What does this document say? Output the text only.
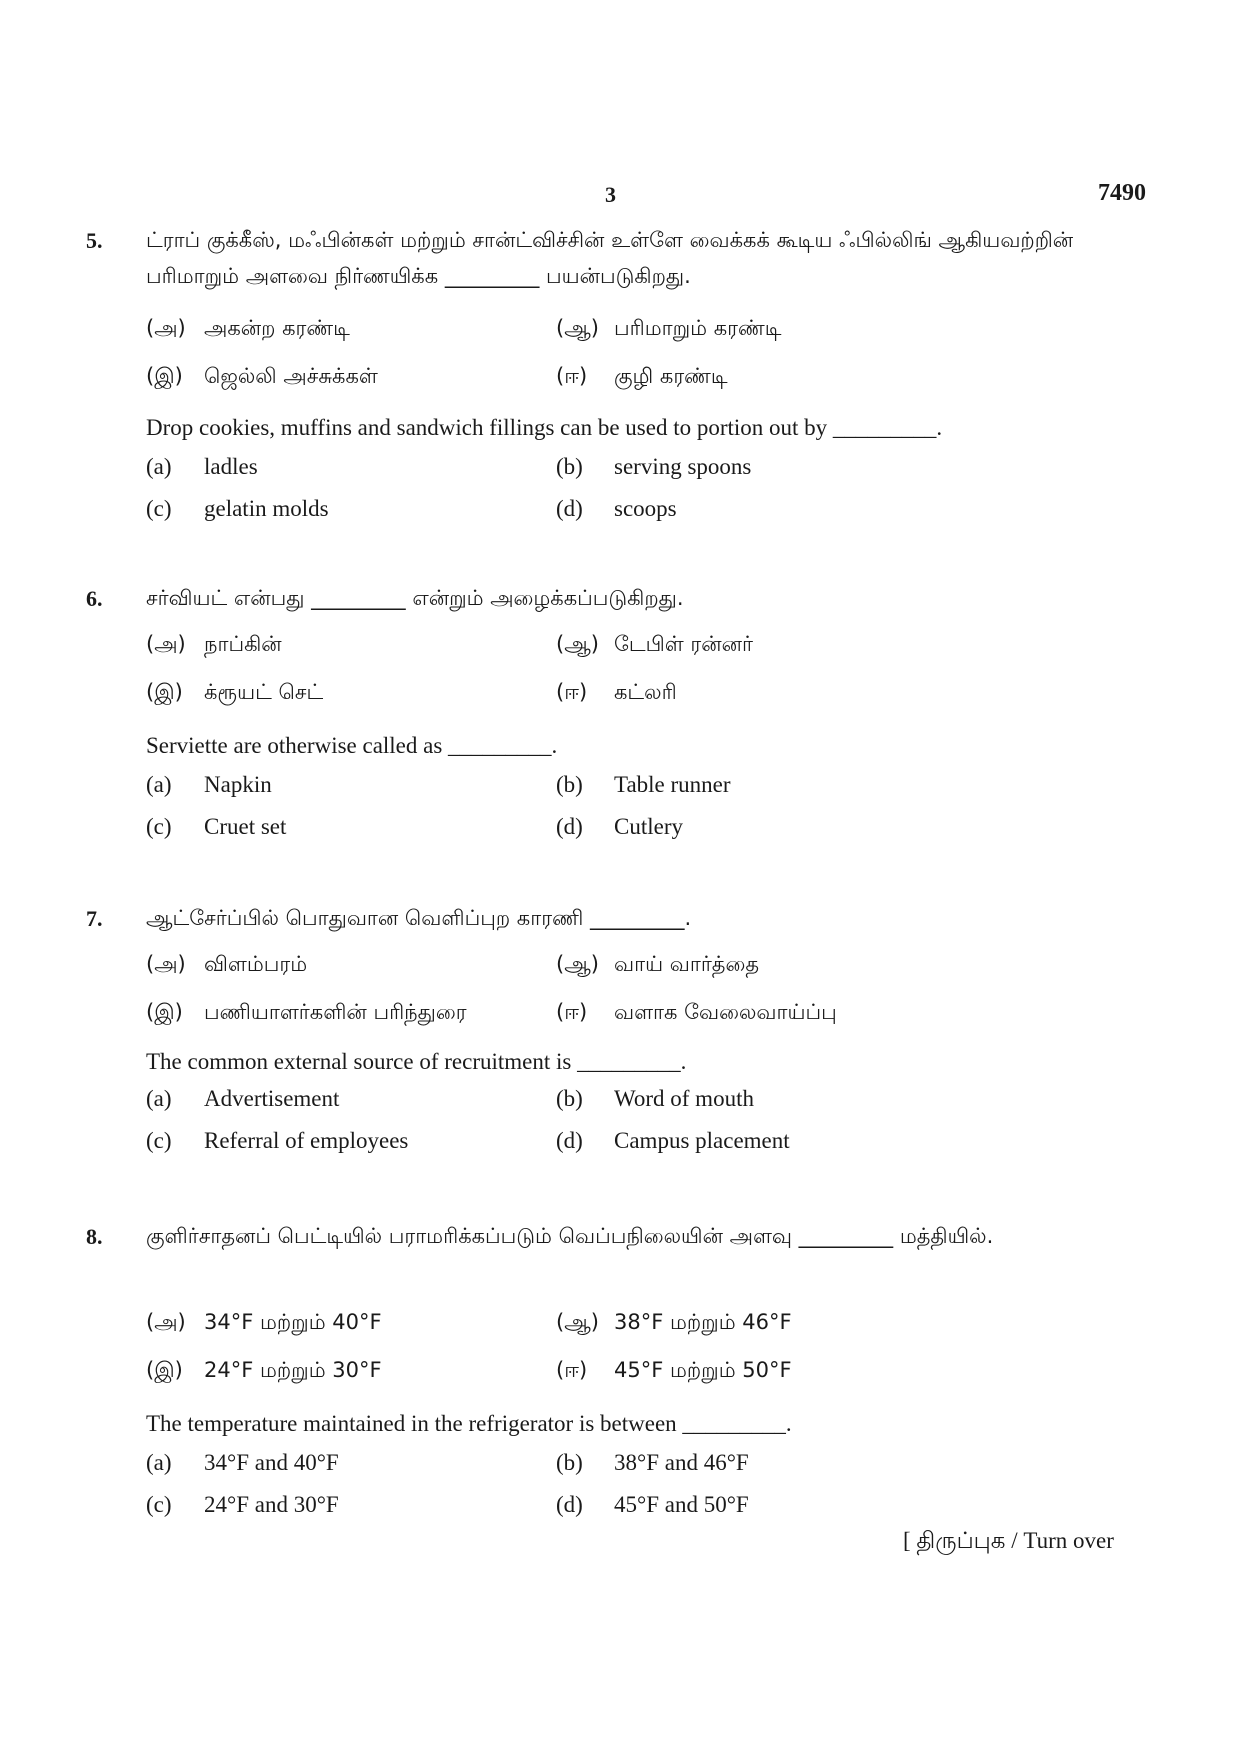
3	7490
5. ட்ராப் குக்கீஸ், மஃபின்கள் மற்றும் சான்ட்விச்சின் உள்ளே வைக்கக் கூடிய ஃபில்லிங் ஆகியவற்றின் பரிமாறும் அளவை நிர்ணயிக்க _________ பயன்படுகிறது.
(அ) அகன்ற கரண்டி	(ஆ) பரிமாறும் கரண்டி
(இ) ஜெல்லி அச்சுக்கள்	(ஈ) குழி கரண்டி
Drop cookies, muffins and sandwich fillings can be used to portion out by _________.
(a) ladles	(b) serving spoons
(c) gelatin molds	(d) scoops
6. சர்வியட் என்பது _________ என்றும் அழைக்கப்படுகிறது.
(அ) நாப்கின்	(ஆ) டேபிள் ரன்னர்
(இ) க்ரூயட் செட்	(ஈ) கட்லரி
Serviette are otherwise called as _________.
(a) Napkin	(b) Table runner
(c) Cruet set	(d) Cutlery
7. ஆட்சேர்ப்பில் பொதுவான வெளிப்புற காரணி _________.
(அ) விளம்பரம்	(ஆ) வாய் வார்த்தை
(இ) பணியாளர்களின் பரிந்துரை	(ஈ) வளாக வேலைவாய்ப்பு
The common external source of recruitment is _________.
(a) Advertisement	(b) Word of mouth
(c) Referral of employees	(d) Campus placement
8. குளிர்சாதனப் பெட்டியில் பராமரிக்கப்படும் வெப்பநிலையின் அளவு _________ மத்தியில்.
(அ) 34°F மற்றும் 40°F	(ஆ) 38°F மற்றும் 46°F
(இ) 24°F மற்றும் 30°F	(ஈ) 45°F மற்றும் 50°F
The temperature maintained in the refrigerator is between _________.
(a) 34°F and 40°F	(b) 38°F and 46°F
(c) 24°F and 30°F	(d) 45°F and 50°F
[ திருப்புக / Turn over
